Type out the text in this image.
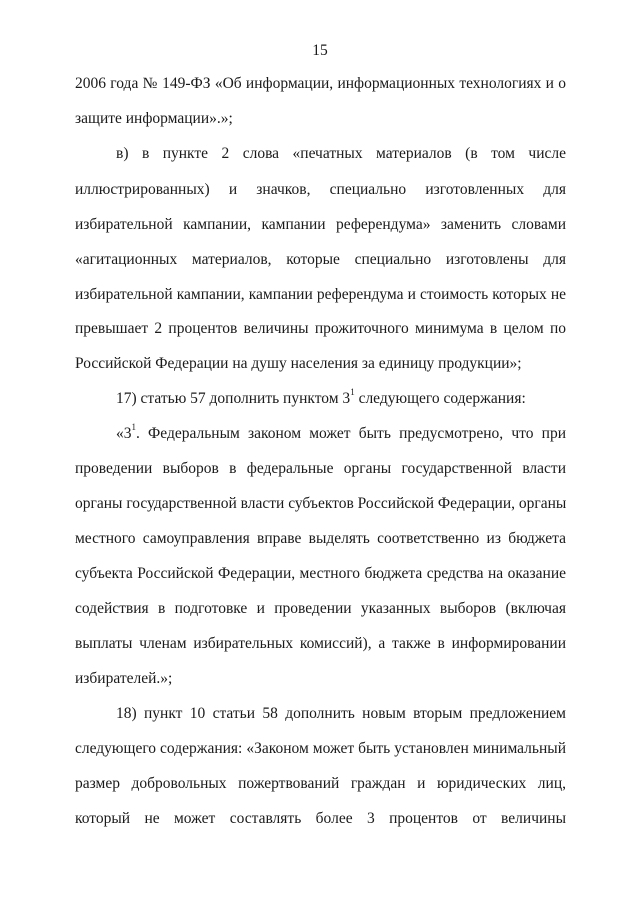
15
2006 года № 149-ФЗ «Об информации, информационных технологиях и о
защите информации».»;
в) в пункте 2 слова «печатных материалов (в том числе
иллюстрированных) и значков, специально изготовленных для
избирательной кампании, кампании референдума» заменить словами
«агитационных материалов, которые специально изготовлены для
избирательной кампании, кампании референдума и стоимость которых не
превышает 2 процентов величины прожиточного минимума в целом по
Российской Федерации на душу населения за единицу продукции»;
17) статью 57 дополнить пунктом $3^1$ следующего содержания:
«$3^1$. Федеральным законом может быть предусмотрено, что при
проведении выборов в федеральные органы государственной власти
органы государственной власти субъектов Российской Федерации, органы
местного самоуправления вправе выделять соответственно из бюджета
субъекта Российской Федерации, местного бюджета средства на оказание
содействия в подготовке и проведении указанных выборов (включая
выплаты членам избирательных комиссий), а также в информировании
избирателей.»;
18) пункт 10 статьи 58 дополнить новым вторым предложением
следующего содержания: «Законом может быть установлен минимальный
размер добровольных пожертвований граждан и юридических лиц,
который не может составлять более 3 процентов от величины
